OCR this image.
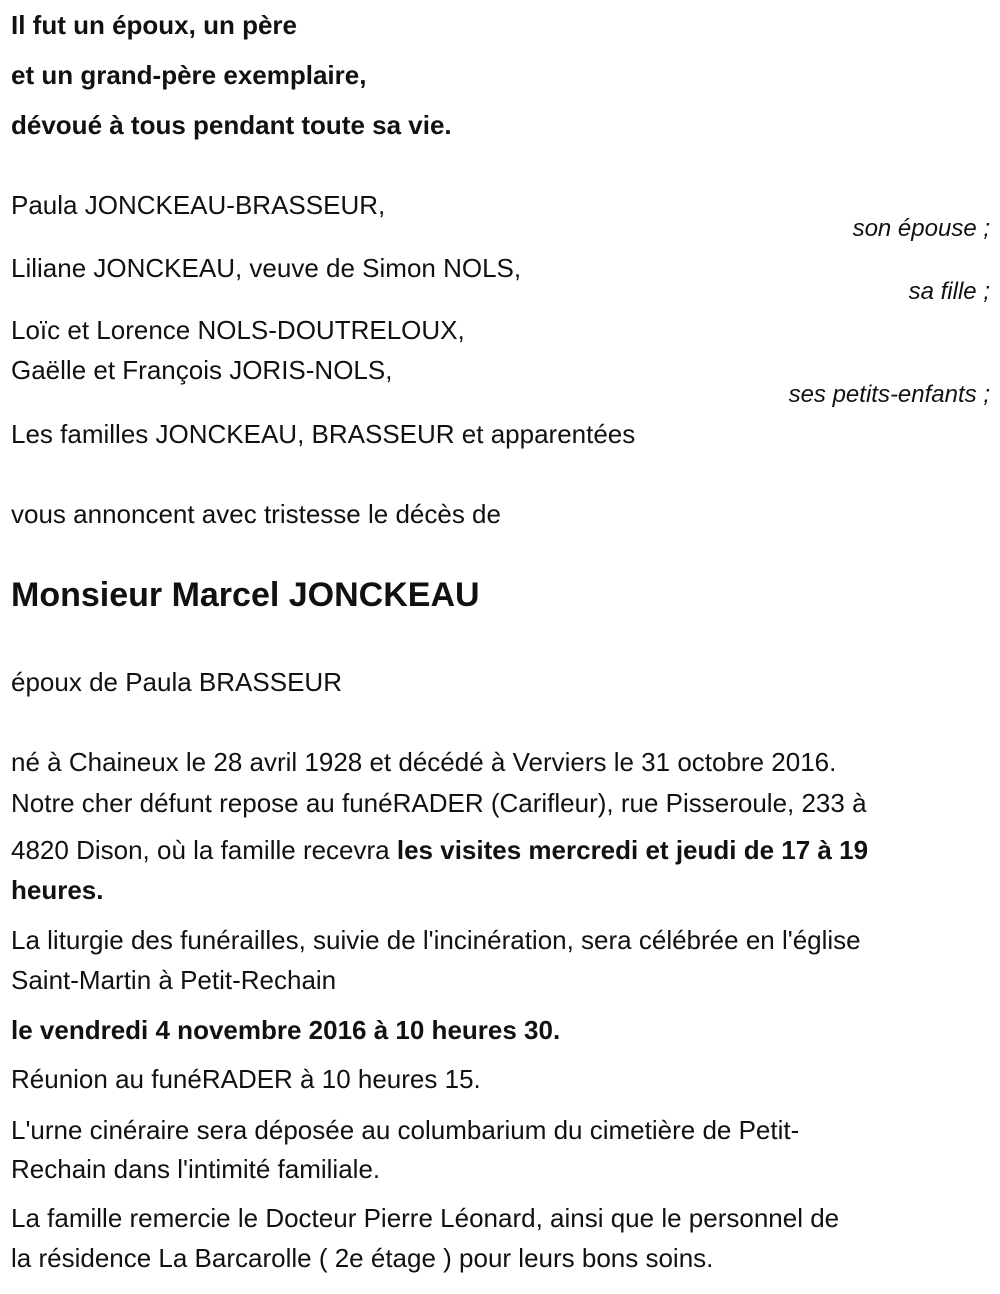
Il fut un époux, un père
et un grand-père exemplaire,
dévoué à tous pendant toute sa vie.
Paula JONCKEAU-BRASSEUR,
son épouse ;
Liliane JONCKEAU, veuve de Simon NOLS,
sa fille ;
Loïc et Lorence NOLS-DOUTRELOUX,
Gaëlle et François JORIS-NOLS,
ses petits-enfants ;
Les familles JONCKEAU, BRASSEUR et apparentées
vous annoncent avec tristesse le décès de
Monsieur Marcel JONCKEAU
époux de Paula BRASSEUR
né à Chaineux le 28 avril 1928 et décédé à Verviers le 31 octobre 2016.
Notre cher défunt repose au funéRADER (Carifleur), rue Pisseroule, 233 à
4820 Dison, où la famille recevra les visites mercredi et jeudi de 17 à 19
heures.
La liturgie des funérailles, suivie de l'incinération, sera célébrée en l'église
Saint-Martin à Petit-Rechain
le vendredi 4 novembre 2016 à 10 heures 30.
Réunion au funéRADER à 10 heures 15.
L'urne cinéraire sera déposée au columbarium du cimetière de Petit-
Rechain dans l'intimité familiale.
La famille remercie le Docteur Pierre Léonard, ainsi que le personnel de
la résidence La Barcarolle ( 2e étage ) pour leurs bons soins.
